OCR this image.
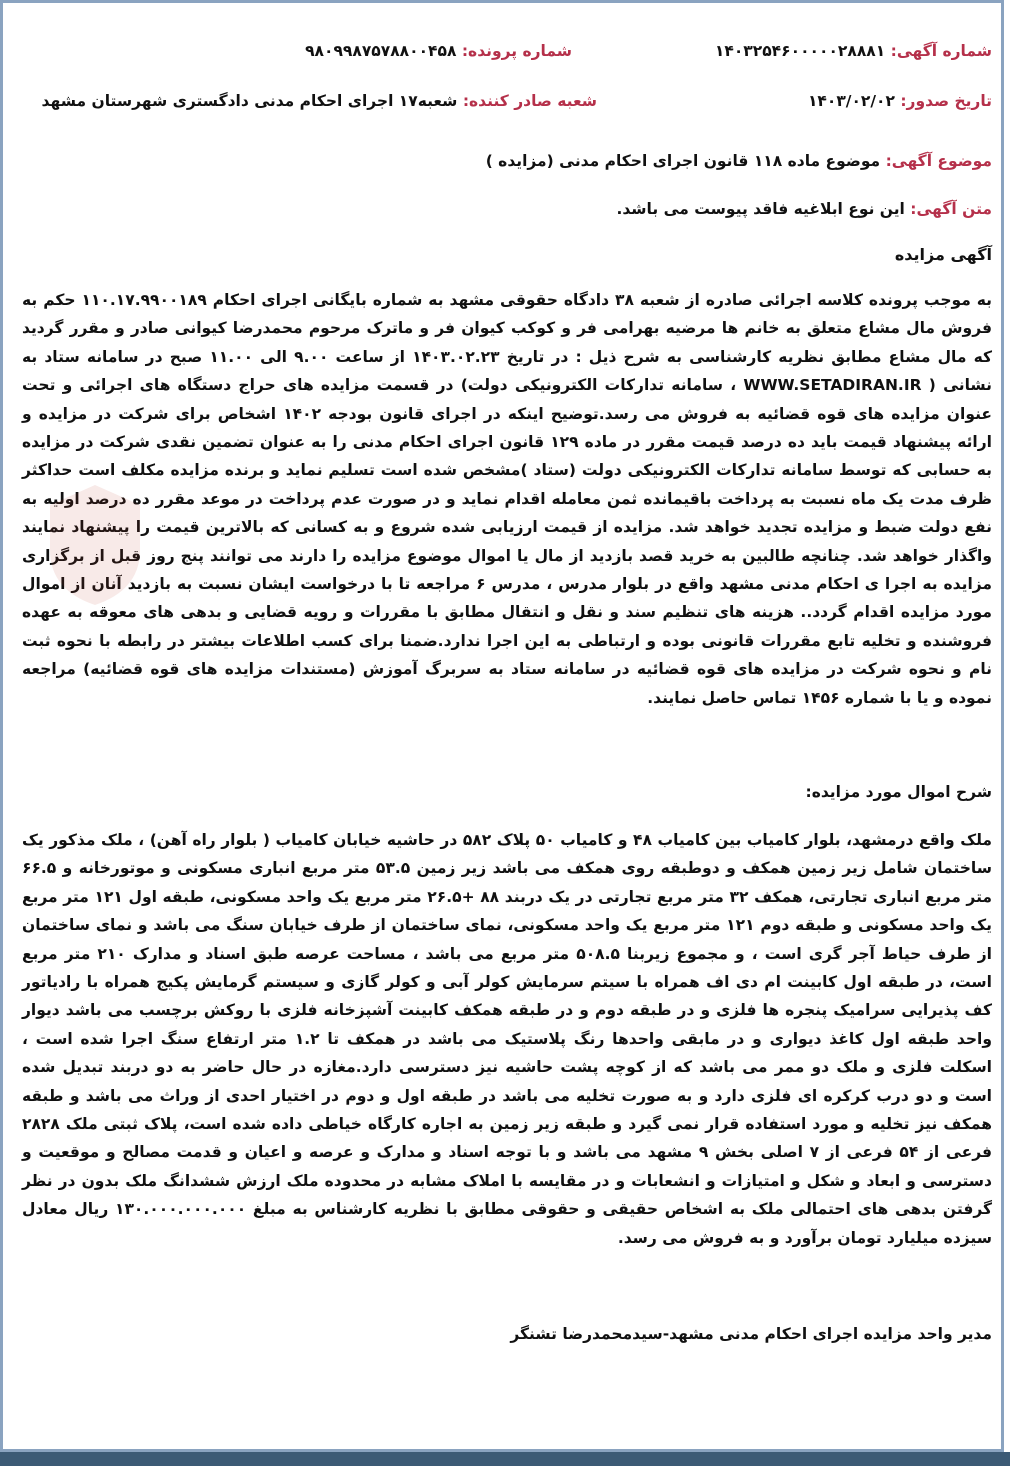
شماره آگهی: ۱۴۰۳۲۵۴۶۰۰۰۰۰۲۸۸۸۱
شماره پرونده: ۹۸۰۹۹۸۷۵۷۸۸۰۰۴۵۸
تاریخ صدور: ۱۴۰۳/۰۲/۰۲
شعبه صادر کننده: شعبه۱۷ اجرای احکام مدنی دادگستری شهرستان مشهد
موضوع آگهی: موضوع ماده ۱۱۸ قانون اجرای احکام مدنی (مزایده )
متن آگهی: این نوع ابلاغیه فاقد پیوست می باشد.
آگهی مزایده
به موجب پرونده کلاسه اجرائی صادره از شعبه ۳۸ دادگاه حقوقی مشهد به شماره بایگانی اجرای احکام ۱۱۰.۱۷.۹۹۰۰۱۸۹ حکم به فروش مال مشاع متعلق به خانم ها مرضیه بهرامی فر و کوکب کیوان فر و ماترک مرحوم محمدرضا کیوانی صادر و مقرر گردید که مال مشاع مطابق نظریه کارشناسی به شرح ذیل : در تاریخ ۱۴۰۳.۰۲.۲۳ از ساعت ۹.۰۰ الی ۱۱.۰۰ صبح در سامانه ستاد به نشانی ( WWW.SETADIRAN.IR ، سامانه تدارکات الکترونیکی دولت) در قسمت مزایده های حراج دستگاه های اجرائی و تحت عنوان مزایده های قوه قضائیه به فروش می رسد.توضیح اینکه در اجرای قانون بودجه ۱۴۰۲ اشخاص برای شرکت در مزایده و ارائه پیشنهاد قیمت باید ده درصد قیمت مقرر در ماده ۱۲۹ قانون اجرای احکام مدنی را به عنوان تضمین نقدی شرکت در مزایده به حسابی که توسط سامانه تدارکات الکترونیکی دولت (ستاد )مشخص شده است تسلیم نماید و برنده مزایده مکلف است حداکثر ظرف مدت یک ماه نسبت به پرداخت باقیمانده ثمن معامله اقدام نماید و در صورت عدم پرداخت در موعد مقرر ده درصد اولیه به نفع دولت ضبط و مزایده تجدید خواهد شد. مزایده از قیمت ارزیابی شده شروع و به کسانی که بالاترین قیمت را پیشنهاد نمایند واگذار خواهد شد. چنانچه طالبین به خرید قصد بازدید از مال یا اموال موضوع مزایده را دارند می توانند پنج روز قبل از برگزاری مزایده به اجرا ی احکام مدنی مشهد واقع در بلوار مدرس ، مدرس ۶ مراجعه تا با درخواست ایشان نسبت به بازدید آنان از اموال مورد مزایده اقدام گردد.. هزینه های تنظیم سند و نقل و انتقال مطابق با مقررات و رویه قضایی و بدهی های معوقه به عهده فروشنده و تخلیه تابع مقررات قانونی بوده و ارتباطی به این اجرا ندارد.ضمنا برای کسب اطلاعات بیشتر در رابطه با نحوه ثبت نام و نحوه شرکت در مزایده های قوه قضائیه در سامانه ستاد به سربرگ آموزش (مستندات مزایده های قوه قضائیه) مراجعه نموده و یا با شماره ۱۴۵۶ تماس حاصل نمایند.
شرح اموال مورد مزایده:
ملک واقع درمشهد، بلوار کامیاب بین کامیاب ۴۸ و کامیاب ۵۰ پلاک ۵۸۲ در حاشیه خیابان کامیاب ( بلوار راه آهن) ، ملک مذکور یک ساختمان شامل زیر زمین همکف و دوطبقه روی همکف می باشد زیر زمین ۵۳.۵ متر مربع انباری مسکونی و موتورخانه و ۶۶.۵ متر مربع انباری تجارتی، همکف ۳۲ متر مربع تجارتی در یک دربند ۸۸ +۲۶.۵ متر مربع یک واحد مسکونی، طبقه اول ۱۲۱ متر مربع یک واحد مسکونی و طبقه دوم ۱۲۱ متر مربع یک واحد مسکونی، نمای ساختمان از طرف خیابان سنگ می باشد و نمای ساختمان از طرف حیاط آجر گری است ، و مجموع زیربنا ۵۰۸.۵ متر مربع می باشد ، مساحت عرصه طبق اسناد و مدارک ۲۱۰ متر مربع است، در طبقه اول کابینت ام دی اف همراه با سیتم سرمایش کولر آبی و کولر گازی و سیستم گرمایش پکیج همراه با رادیاتور کف پذیرایی سرامیک پنجره ها فلزی و در طبقه دوم و در طبقه همکف کابینت آشپزخانه فلزی با روکش برچسب می باشد دیوار واحد طبقه اول کاغذ دیواری و در مابقی واحدها رنگ پلاستیک می باشد در همکف تا ۱.۲ متر ارتفاع سنگ اجرا شده است ، اسکلت فلزی و ملک دو ممر می باشد که از کوچه پشت حاشیه نیز دسترسی دارد.مغازه در حال حاضر به دو دربند تبدیل شده است و دو درب کرکره ای فلزی دارد و به صورت تخلیه می باشد در طبقه اول و دوم در اختیار احدی از وراث می باشد و طبقه همکف نیز تخلیه و مورد استفاده قرار نمی گیرد و طبقه زیر زمین به اجاره کارگاه خیاطی داده شده است، پلاک ثبتی ملک ۲۸۲۸ فرعی از ۵۴ فرعی از ۷ اصلی بخش ۹ مشهد می باشد و با توجه اسناد و مدارک و عرصه و اعیان و قدمت مصالح و موقعیت و دسترسی و ابعاد و شکل و امتیازات و انشعابات و در مقایسه با املاک مشابه در محدوده ملک ارزش ششدانگ ملک بدون در نظر گرفتن بدهی های احتمالی ملک به اشخاص حقیقی و حقوقی مطابق با نظریه کارشناس به مبلغ ۱۳۰.۰۰۰.۰۰۰.۰۰۰ ریال معادل سیزده میلیارد تومان برآورد و به فروش می رسد.
مدیر واحد مزایده اجرای احکام مدنی مشهد-سیدمحمدرضا تشنگر
